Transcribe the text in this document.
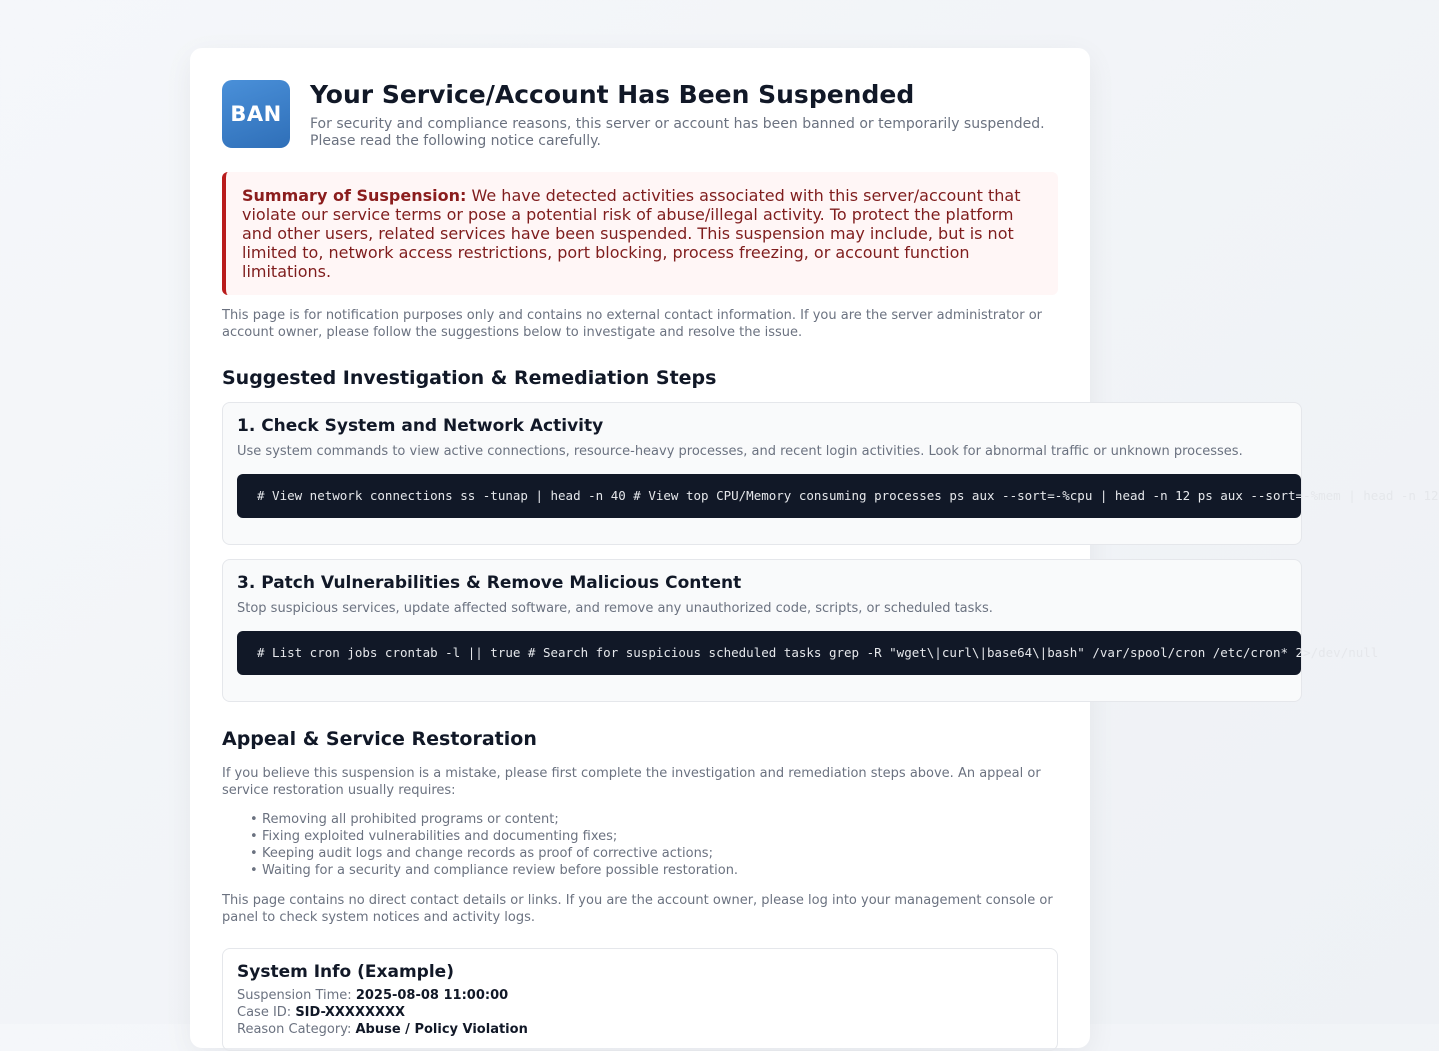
BAN
Your Service/Account Has Been Suspended
For security and compliance reasons, this server or account has been banned or temporarily suspended.
Please read the following notice carefully.
Summary of Suspension: We have detected activities associated with this server/account that violate our service terms or pose a potential risk of abuse/illegal activity. To protect the platform and other users, related services have been suspended. This suspension may include, but is not limited to, network access restrictions, port blocking, process freezing, or account function limitations.
This page is for notification purposes only and contains no external contact information. If you are the server administrator or account owner, please follow the suggestions below to investigate and resolve the issue.
Suggested Investigation & Remediation Steps
1. Check System and Network Activity

Use system commands to view active connections, resource-heavy processes, and recent login activities. Look for abnormal traffic or unknown processes.

# View network connections ss -tunap | head -n 40 # View top CPU/Memory consuming processes ps aux --sort=-%cpu | head -n 12 ps aux --sort=-%mem | head -n 12
3. Patch Vulnerabilities & Remove Malicious Content

Stop suspicious services, update affected software, and remove any unauthorized code, scripts, or scheduled tasks.

# List cron jobs crontab -l || true # Search for suspicious scheduled tasks grep -R "wget\|curl\|base64\|bash" /var/spool/cron /etc/cron* 2>/dev/null
Appeal & Service Restoration
If you believe this suspension is a mistake, please first complete the investigation and remediation steps above. An appeal or service restoration usually requires:
• Removing all prohibited programs or content;
• Fixing exploited vulnerabilities and documenting fixes;
• Keeping audit logs and change records as proof of corrective actions;
• Waiting for a security and compliance review before possible restoration.
This page contains no direct contact details or links. If you are the account owner, please log into your management console or panel to check system notices and activity logs.
System Info (Example)
Suspension Time: 2025-08-08 11:00:00
Case ID: SID-XXXXXXXX
Reason Category: Abuse / Policy Violation
